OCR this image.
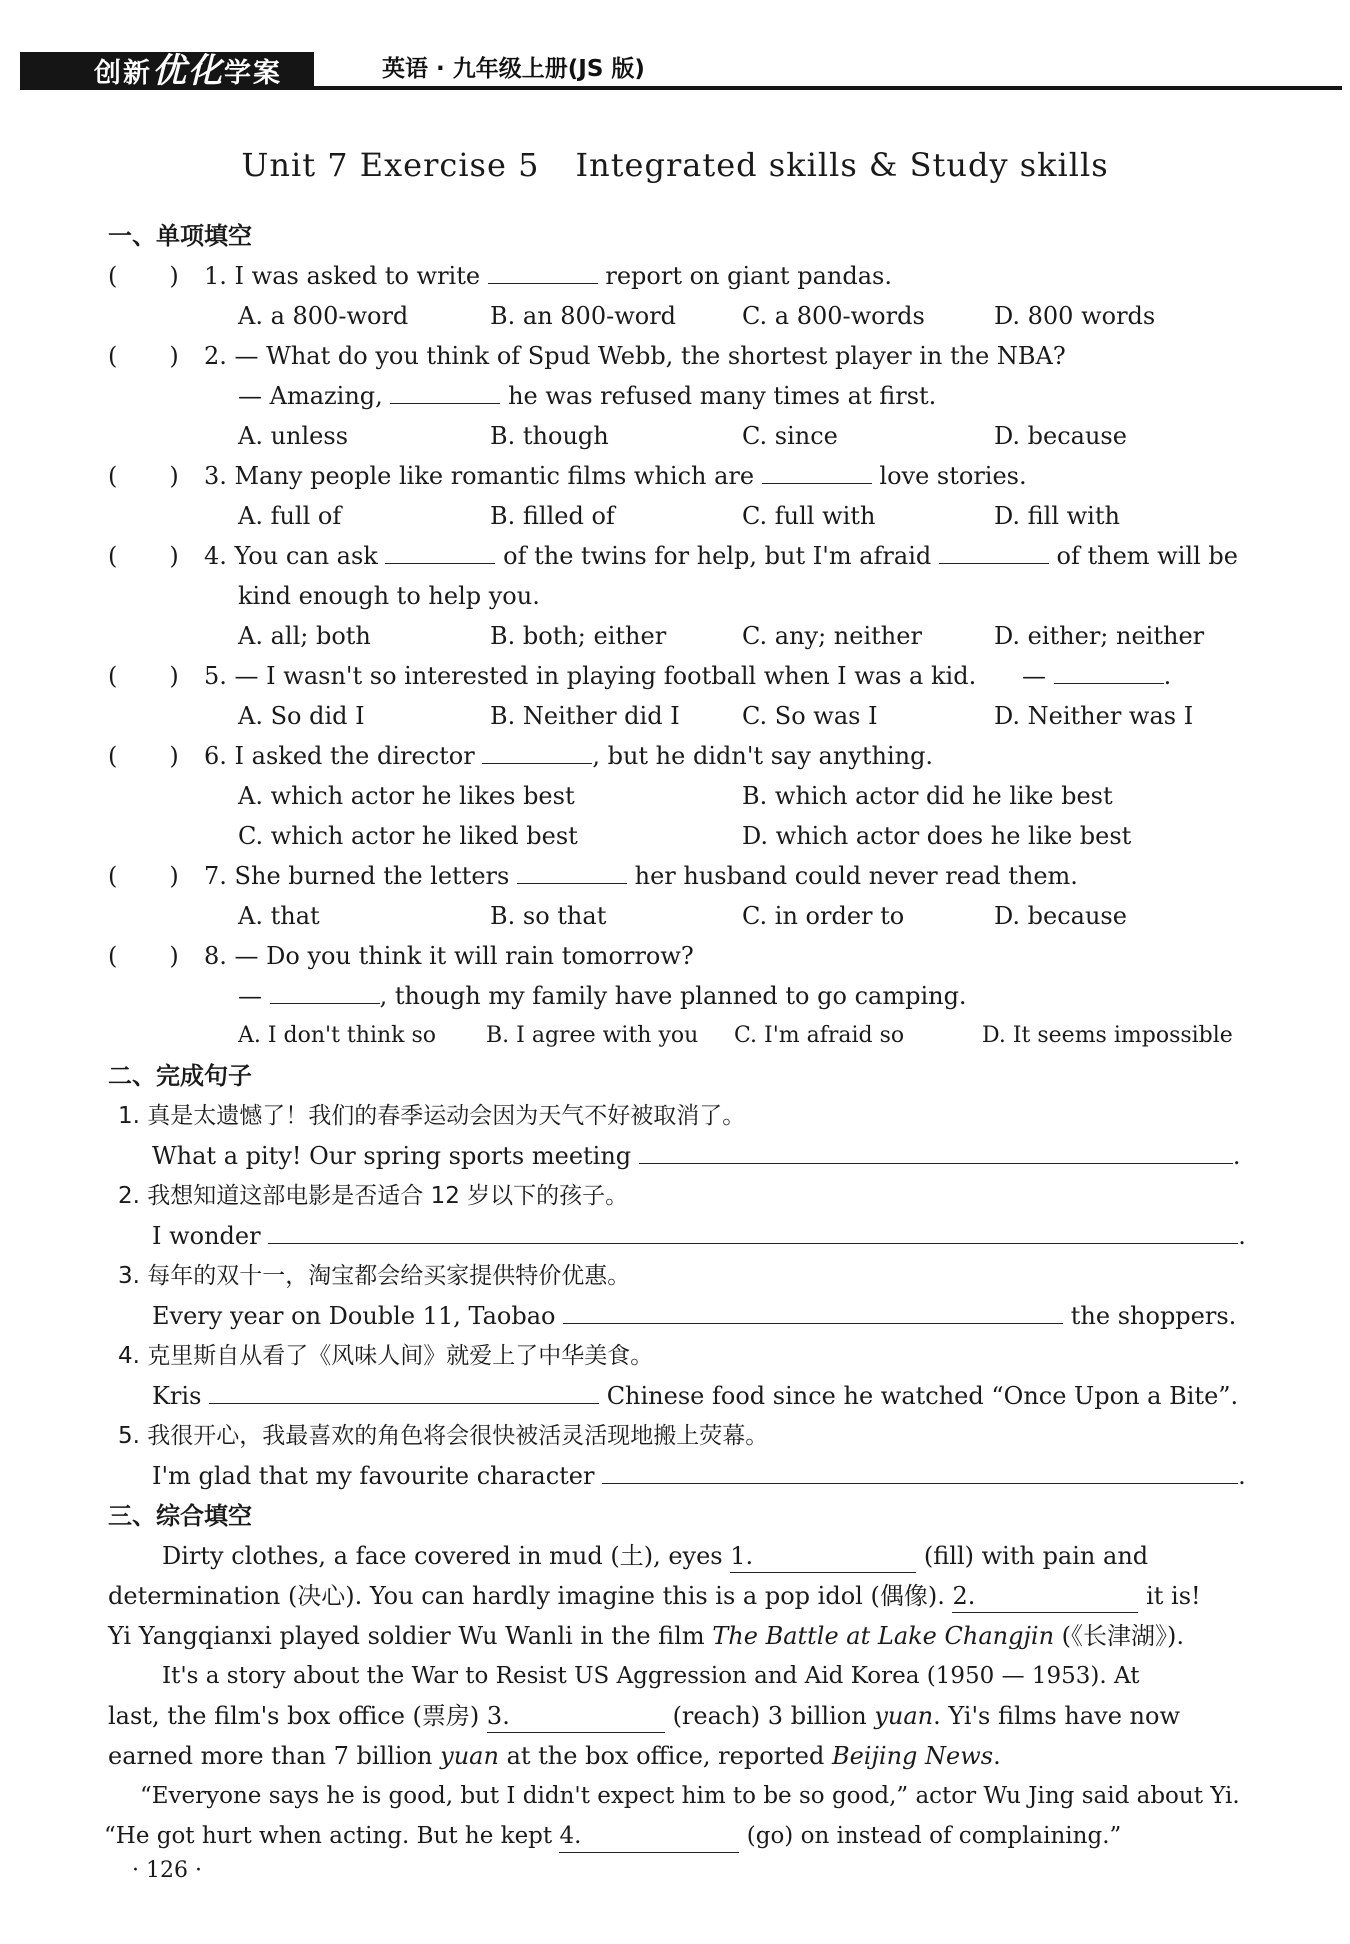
创新优化学案	英语 · 九年级上册(JS 版)
Unit 7 Exercise 5 Integrated skills & Study skills
一、单项填空
( ) 1. I was asked to write	report on giant pandas.
A. a 800-word	B. an 800-word	C. a 800-words	D. 800 words
( ) 2. — What do you think of Spud Webb, the shortest player in the NBA?
— Amazing,	he was refused many times at first.
A. unless	B. though	C. since	D. because
( ) 3. Many people like romantic films which are	love stories.
A. full of	B. filled of	C. full with	D. fill with
( ) 4. You can ask	of the twins for help, but I'm afraid	of them will be
kind enough to help you.
A. all; both	B. both; either	C. any; neither	D. either; neither
( ) 5. — I wasn't so interested in playing football when I was a kid. —	.
A. So did I	B. Neither did I	C. So was I	D. Neither was I
( ) 6. I asked the director	, but he didn't say anything.
A. which actor he likes best	B. which actor did he like best
C. which actor he liked best	D. which actor does he like best
( ) 7. She burned the letters	her husband could never read them.
A. that	B. so that	C. in order to	D. because
( ) 8. — Do you think it will rain tomorrow?
—	, though my family have planned to go camping.
A. I don't think so B. I agree with you C. I'm afraid so	D. It seems impossible
二、完成句子
1. 真是太遗憾了！我们的春季运动会因为天气不好被取消了。
What a pity! Our spring sports meeting	.
2. 我想知道这部电影是否适合 12 岁以下的孩子。
I wonder	.
3. 每年的双十一，淘宝都会给买家提供特价优惠。
Every year on Double 11, Taobao	the shoppers.
4. 克里斯自从看了《风味人间》就爱上了中华美食。
Kris	Chinese food since he watched “Once Upon a Bite”.
5. 我很开心，我最喜欢的角色将会很快被活灵活现地搬上荧幕。
I'm glad that my favourite character	.
三、综合填空
Dirty clothes, a face covered in mud (土), eyes 1.	(fill) with pain and
determination (决心). You can hardly imagine this is a pop idol (偶像). 2.	it is!
Yi Yangqianxi played soldier Wu Wanli in the film The Battle at Lake Changjin (《长津湖》).
It's a story about the War to Resist US Aggression and Aid Korea (1950 — 1953). At
last, the film's box office (票房) 3.	(reach) 3 billion yuan. Yi's films have now
earned more than 7 billion yuan at the box office, reported Beijing News.
“Everyone says he is good, but I didn't expect him to be so good,” actor Wu Jing said about Yi.
“He got hurt when acting. But he kept 4.	(go) on instead of complaining.”
· 126 ·
